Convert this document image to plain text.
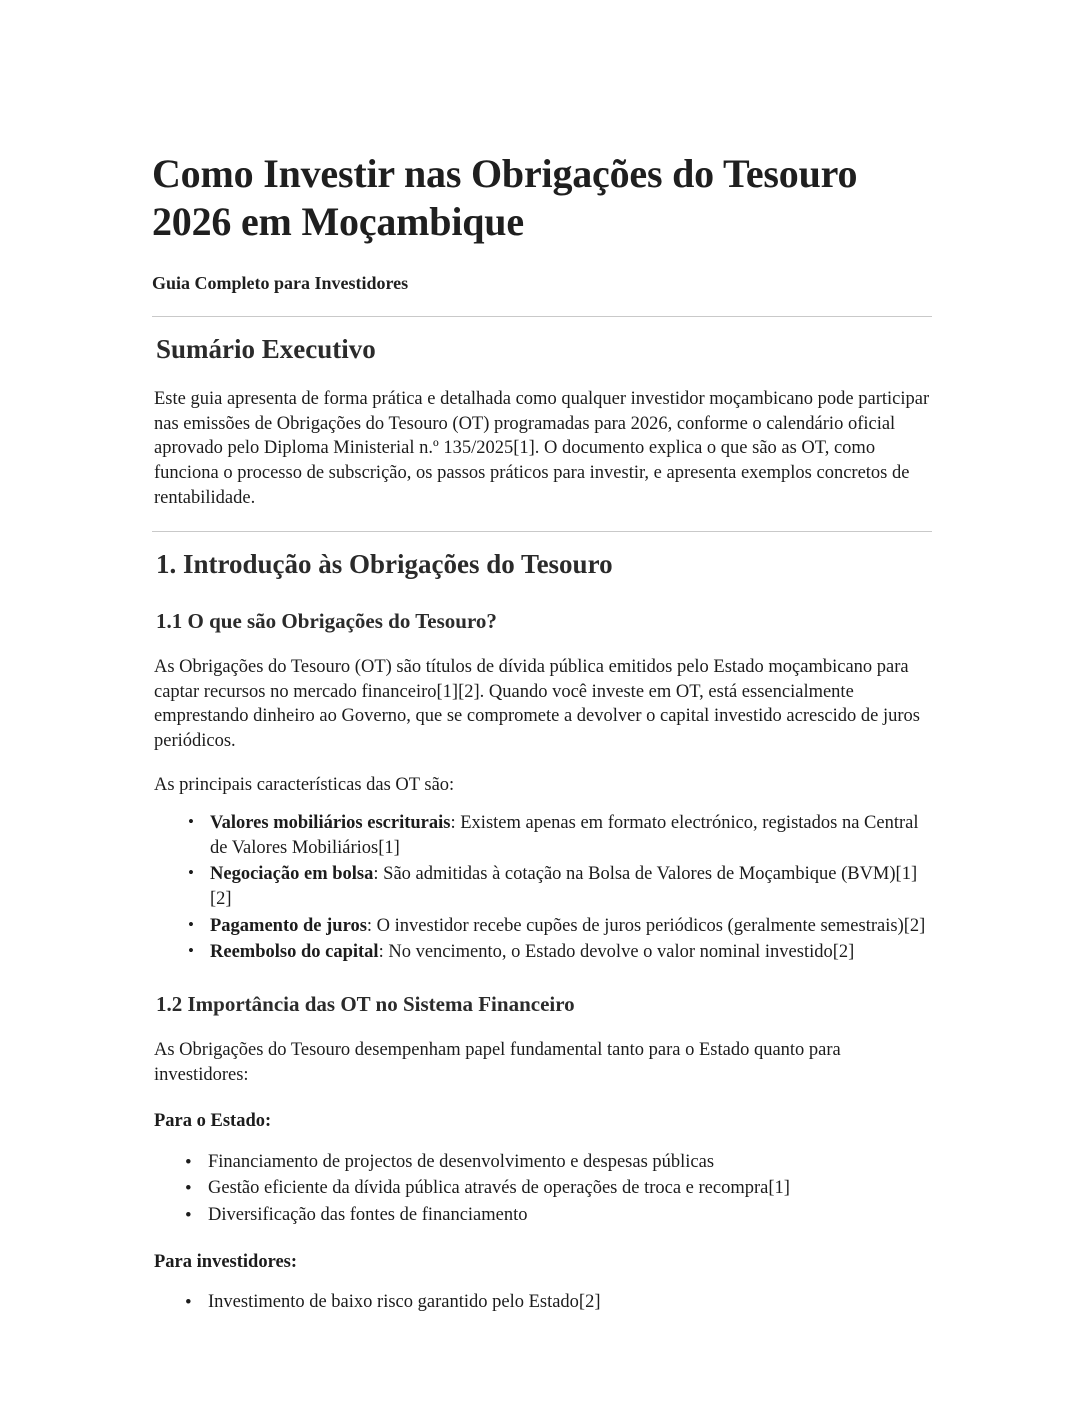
Como Investir nas Obrigações do Tesouro 2026 em Moçambique

Guia Completo para Investidores

Sumário Executivo

Este guia apresenta de forma prática e detalhada como qualquer investidor moçambicano pode participar nas emissões de Obrigações do Tesouro (OT) programadas para 2026, conforme o calendário oficial aprovado pelo Diploma Ministerial n.º 135/2025[1]. O documento explica o que são as OT, como funciona o processo de subscrição, os passos práticos para investir, e apresenta exemplos concretos de rentabilidade.

1. Introdução às Obrigações do Tesouro
1.1 O que são Obrigações do Tesouro?

As Obrigações do Tesouro (OT) são títulos de dívida pública emitidos pelo Estado moçambicano para captar recursos no mercado financeiro[1][2]. Quando você investe em OT, está essencialmente emprestando dinheiro ao Governo, que se compromete a devolver o capital investido acrescido de juros periódicos.

As principais características das OT são:

• Valores mobiliários escriturais: Existem apenas em formato electrónico, registados na Central de Valores Mobiliários[1]
• Negociação em bolsa: São admitidas à cotação na Bolsa de Valores de Moçambique (BVM)[1][2]
• Pagamento de juros: O investidor recebe cupões de juros periódicos (geralmente semestrais)[2]
• Reembolso do capital: No vencimento, o Estado devolve o valor nominal investido[2]
1.2 Importância das OT no Sistema Financeiro

As Obrigações do Tesouro desempenham papel fundamental tanto para o Estado quanto para investidores:

Para o Estado:

• Financiamento de projectos de desenvolvimento e despesas públicas
• Gestão eficiente da dívida pública através de operações de troca e recompra[1]
• Diversificação das fontes de financiamento

Para investidores:

• Investimento de baixo risco garantido pelo Estado[2]
